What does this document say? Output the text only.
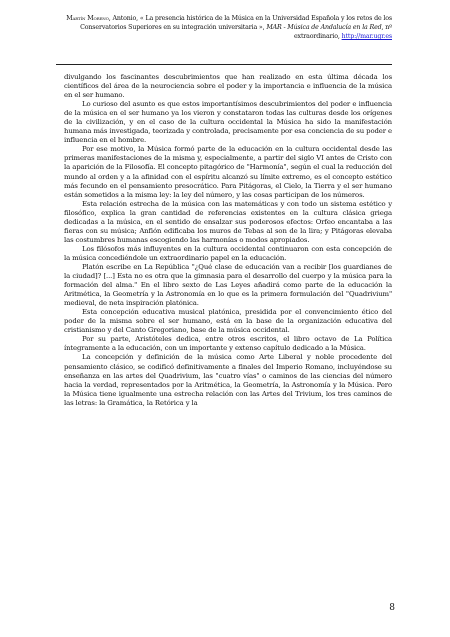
Martín Moreno, Antonio, « La presencia histórica de la Música en la Universidad Española y los retos de los Conservatorios Superiores en su integración universitaria », MAR - Música de Andalucía en la Red, nº extraordinario, http://mar.ugr.es

divulgando los fascinantes descubrimientos que han realizado en esta última década los científicos del área de la neurociencia sobre el poder y la importancia e influencia de la música en el ser humano.

Lo curioso del asunto es que estos importantísimos descubrimientos del poder e influencia de la música en el ser humano ya los vieron y constataron todas las culturas desde los orígenes de la civilización, y en el caso de la cultura occidental la Música ha sido la manifestación humana más investigada, teorizada y controlada, precisamente por esa conciencia de su poder e influencia en el hombre.

Por ese motivo, la Música formó parte de la educación en la cultura occidental desde las primeras manifestaciones de la misma y, especialmente, a partir del siglo VI antes de Cristo con la aparición de la Filosofía. El concepto pitagórico de "Harmonía", según el cual la reducción del mundo al orden y a la afinidad con el espíritu alcanzó su límite extremo, es el concepto estético más fecundo en el pensamiento presocrático. Para Pitágoras, el Cielo, la Tierra y el ser humano están sometidos a la misma ley: la ley del número, y las cosas participan de los números.

Esta relación estrecha de la música con las matemáticas y con todo un sistema estético y filosófico, explica la gran cantidad de referencias existentes en la cultura clásica griega dedicadas a la música, en el sentido de ensalzar sus poderosos efectos: Orfeo encantaba a las fieras con su música; Anfión edificaba los muros de Tebas al son de la lira; y Pitágoras elevaba las costumbres humanas escogiendo las harmonías o modos apropiados.

Los filósofos más influyentes en la cultura occidental continuaron con esta concepción de la música concediéndole un extraordinario papel en la educación.

Platón escribe en La República "¿Qué clase de educación van a recibir [los guardianes de la ciudad]? [...] Esta no es otra que la gimnasia para el desarrollo del cuerpo y la música para la formación del alma." En el libro sexto de Las Leyes añadirá como parte de la educación la Aritmética, la Geometría y la Astronomía en lo que es la primera formulación del "Quadrivium" medieval, de neta inspiración platónica.

Esta concepción educativa musical platónica, presidida por el convencimiento ético del poder de la misma sobre el ser humano, está en la base de la organización educativa del cristianismo y del Canto Gregoriano, base de la música occidental.

Por su parte, Aristóteles dedica, entre otros escritos, el libro octavo de La Política íntegramente a la educación, con un importante y extenso capítulo dedicado a la Música.

La concepción y definición de la música como Arte Liberal y noble procedente del pensamiento clásico, se codificó definitivamente a finales del Imperio Romano, incluyéndose su enseñanza en las artes del Quadrivium, las "cuatro vías" o caminos de las ciencias del número hacia la verdad, representados por la Aritmética, la Geometría, la Astronomía y la Música. Pero la Música tiene igualmente una estrecha relación con las Artes del Trivium, los tres caminos de las letras: la Gramática, la Retórica y la

8
